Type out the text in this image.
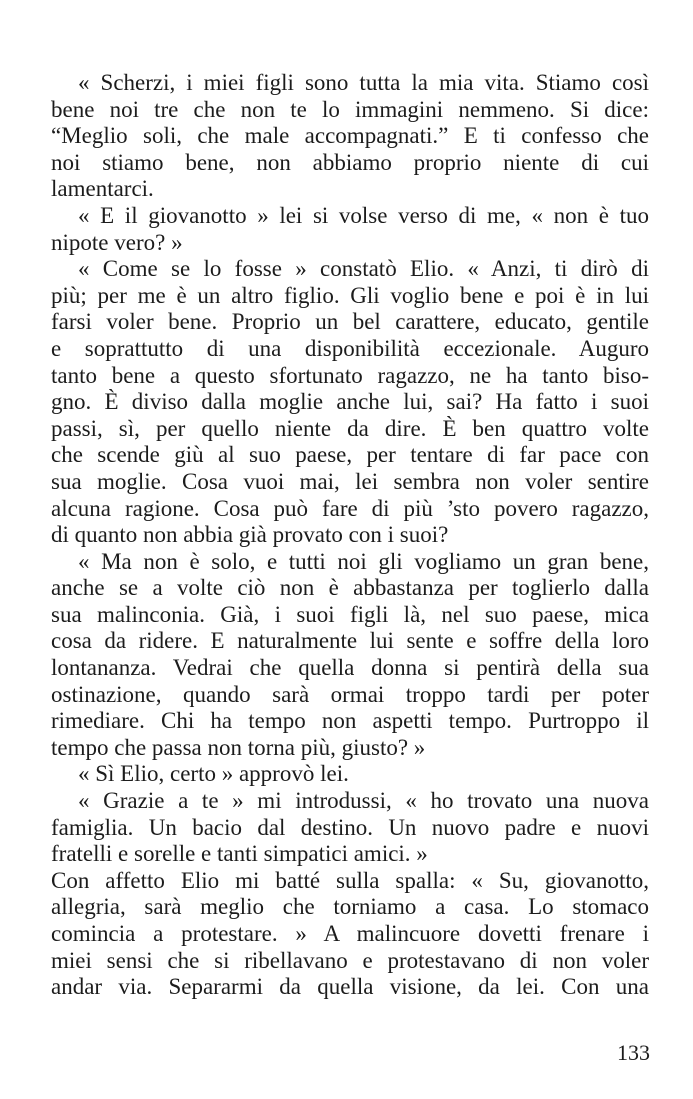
« Scherzi, i miei figli sono tutta la mia vita. Stiamo così
bene noi tre che non te lo immagini nemmeno. Si dice:
“Meglio soli, che male accompagnati.” E ti confesso che
noi stiamo bene, non abbiamo proprio niente di cui
lamentarci.
« E il giovanotto » lei si volse verso di me, « non è tuo
nipote vero? »
« Come se lo fosse » constatò Elio. « Anzi, ti dirò di
più; per me è un altro figlio. Gli voglio bene e poi è in lui
farsi voler bene. Proprio un bel carattere, educato, gentile
e soprattutto di una disponibilità eccezionale. Auguro
tanto bene a questo sfortunato ragazzo, ne ha tanto biso-
gno. È diviso dalla moglie anche lui, sai? Ha fatto i suoi
passi, sì, per quello niente da dire. È ben quattro volte
che scende giù al suo paese, per tentare di far pace con
sua moglie. Cosa vuoi mai, lei sembra non voler sentire
alcuna ragione. Cosa può fare di più ’sto povero ragazzo,
di quanto non abbia già provato con i suoi?
« Ma non è solo, e tutti noi gli vogliamo un gran bene,
anche se a volte ciò non è abbastanza per toglierlo dalla
sua malinconia. Già, i suoi figli là, nel suo paese, mica
cosa da ridere. E naturalmente lui sente e soffre della loro
lontananza. Vedrai che quella donna si pentirà della sua
ostinazione, quando sarà ormai troppo tardi per poter
rimediare. Chi ha tempo non aspetti tempo. Purtroppo il
tempo che passa non torna più, giusto? »
« Sì Elio, certo » approvò lei.
« Grazie a te » mi introdussi, « ho trovato una nuova
famiglia. Un bacio dal destino. Un nuovo padre e nuovi
fratelli e sorelle e tanti simpatici amici. »
Con affetto Elio mi batté sulla spalla: « Su, giovanotto,
allegria, sarà meglio che torniamo a casa. Lo stomaco
comincia a protestare. » A malincuore dovetti frenare i
miei sensi che si ribellavano e protestavano di non voler
andar via. Separarmi da quella visione, da lei. Con una
133
